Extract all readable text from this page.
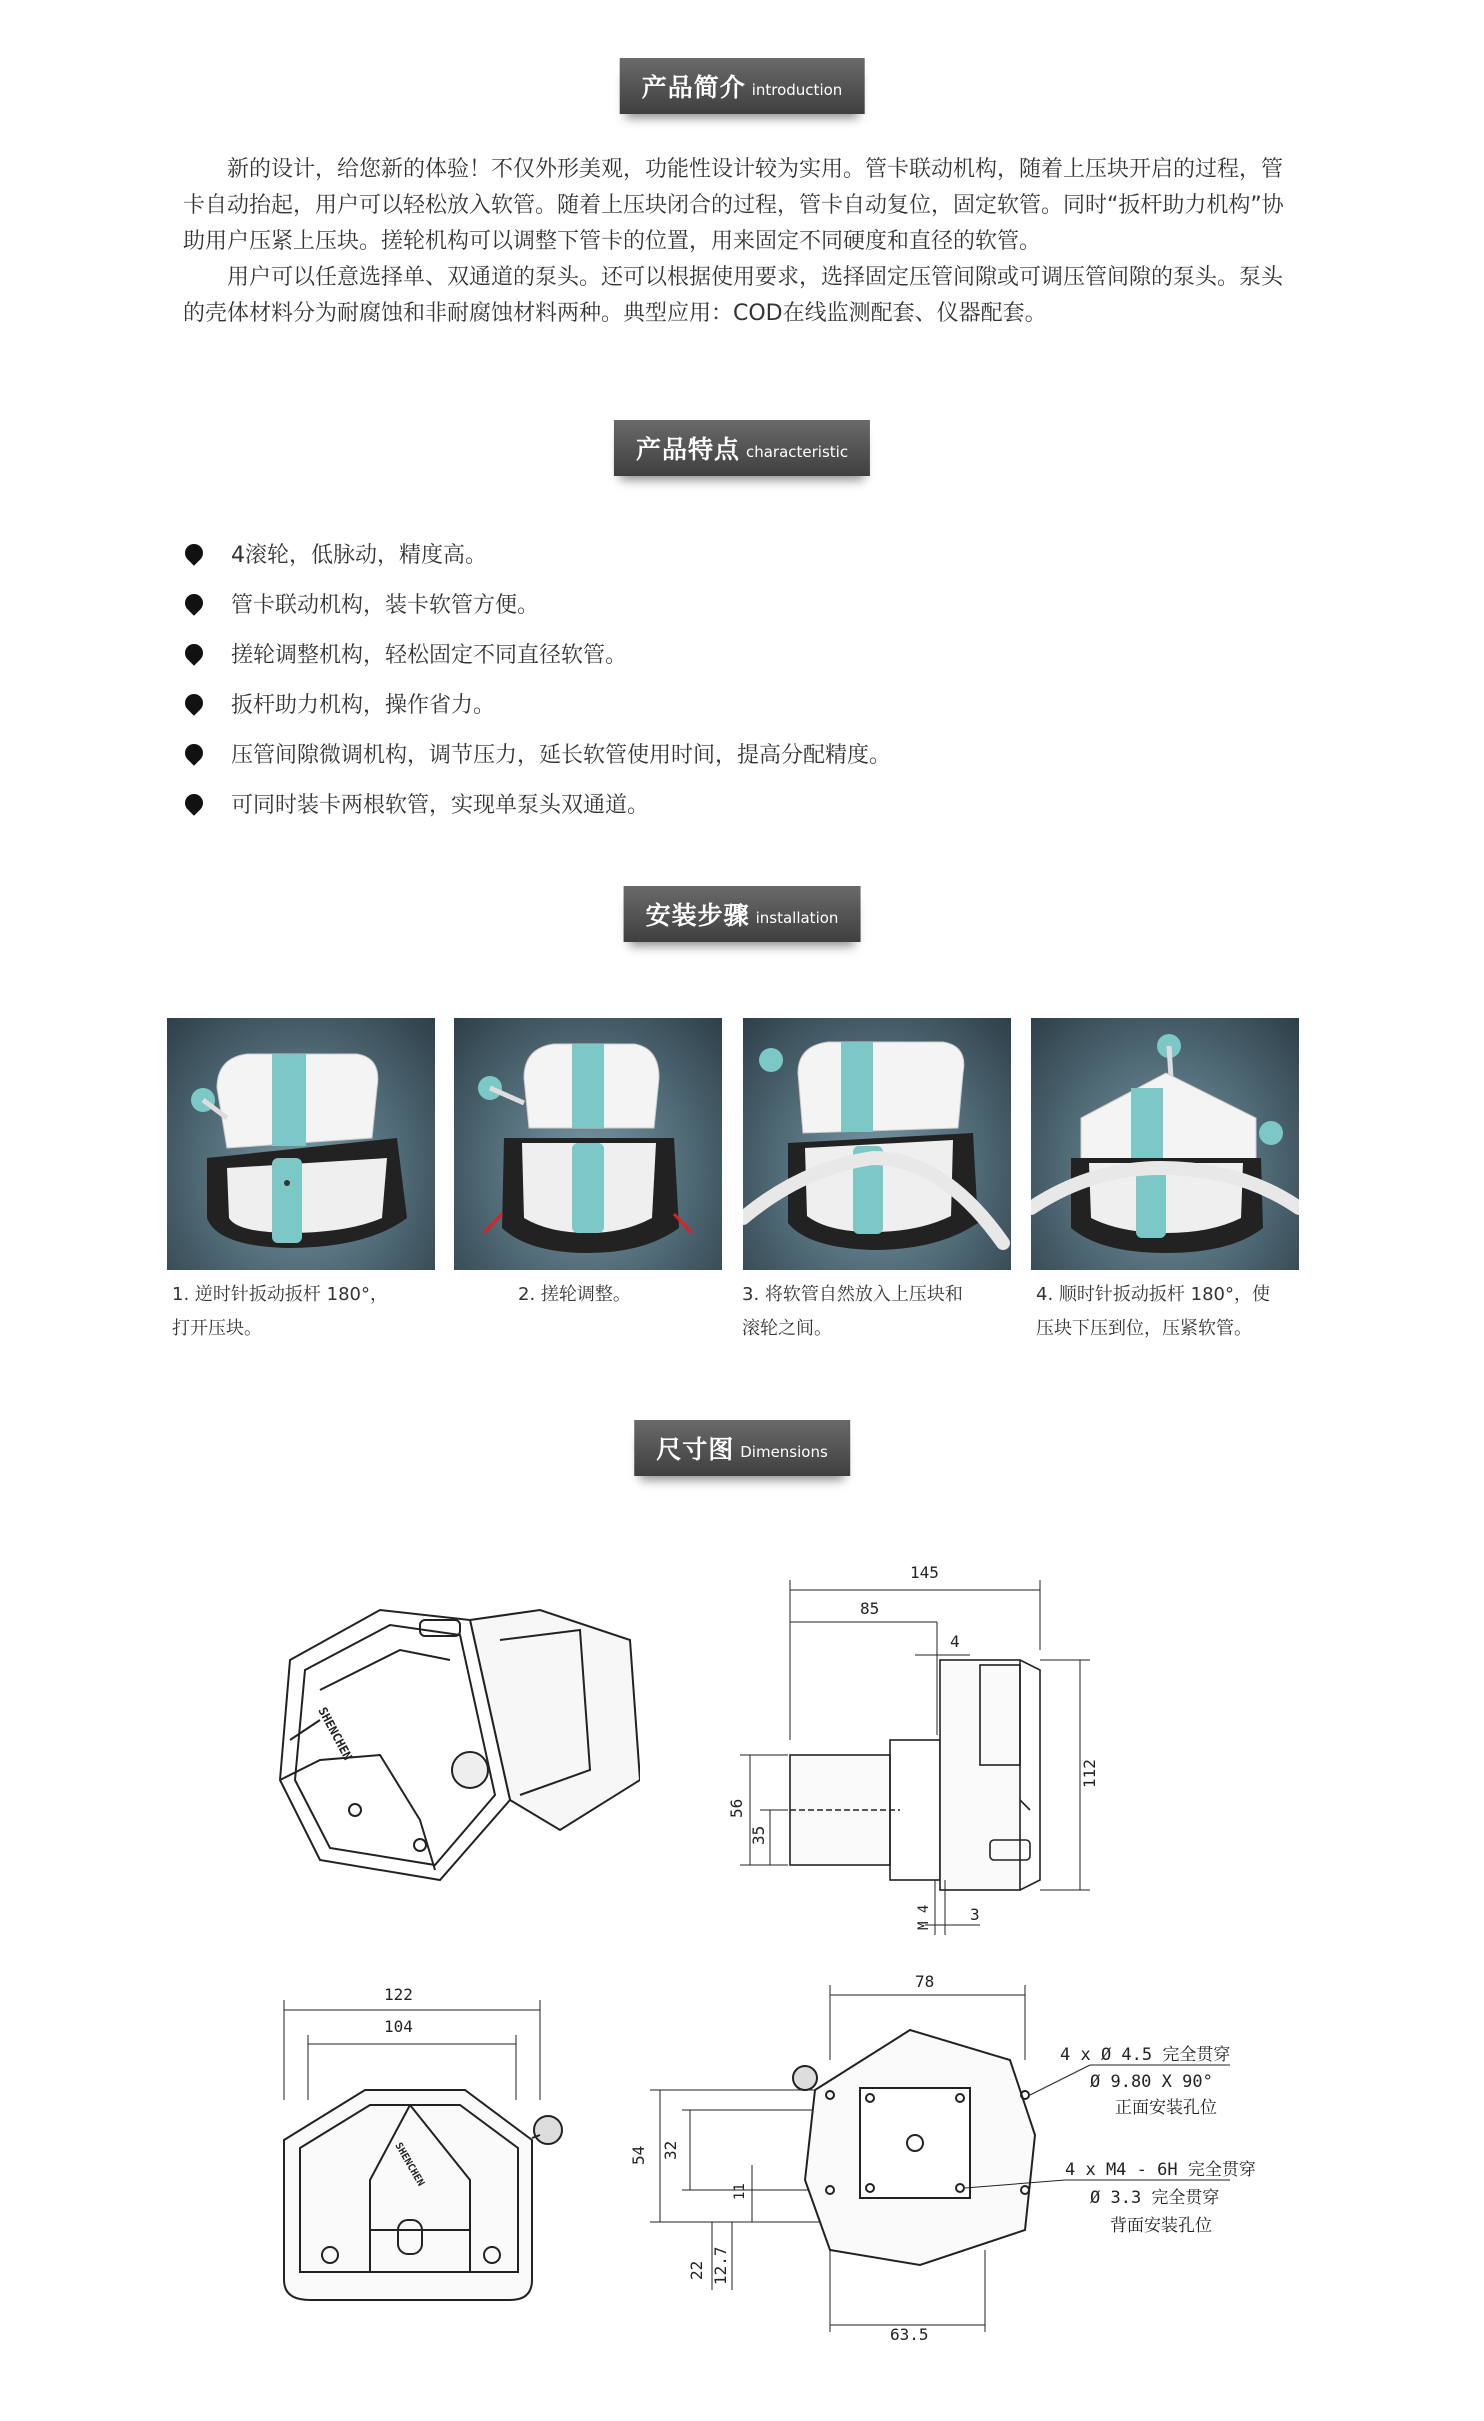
产品简介 introduction

新的设计，给您新的体验！不仅外形美观，功能性设计较为实用。管卡联动机构，随着上压块开启的过程，管卡自动抬起，用户可以轻松放入软管。随着上压块闭合的过程，管卡自动复位，固定软管。同时“扳杆助力机构”协助用户压紧上压块。搓轮机构可以调整下管卡的位置，用来固定不同硬度和直径的软管。

用户可以任意选择单、双通道的泵头。还可以根据使用要求，选择固定压管间隙或可调压管间隙的泵头。泵头的壳体材料分为耐腐蚀和非耐腐蚀材料两种。典型应用：COD在线监测配套、仪器配套。

产品特点 characteristic
4滚轮，低脉动，精度高。
管卡联动机构，装卡软管方便。
搓轮调整机构，轻松固定不同直径软管。
扳杆助力机构，操作省力。
压管间隙微调机构，调节压力，延长软管使用时间，提高分配精度。
可同时装卡两根软管，实现单泵头双通道。
安装步骤 installation
1. 逆时针扳动扳杆 180°，
打开压块。
2. 搓轮调整。	3. 将软管自然放入上压块和
滚轮之间。
4. 顺时针扳动扳杆 180°，使
压块下压到位，压紧软管。
尺寸图 Dimensions
SHENCHEN
145
85
4
112
56
35
M 4 3
122
104
SHENCHEN
78
63.5
54 32
11
22 12.7
4 x Ø 4.5 完全贯穿
Ø 9.80 X 90°
正面安装孔位
4 x M4 - 6H 完全贯穿
Ø 3.3 完全贯穿
背面安装孔位
